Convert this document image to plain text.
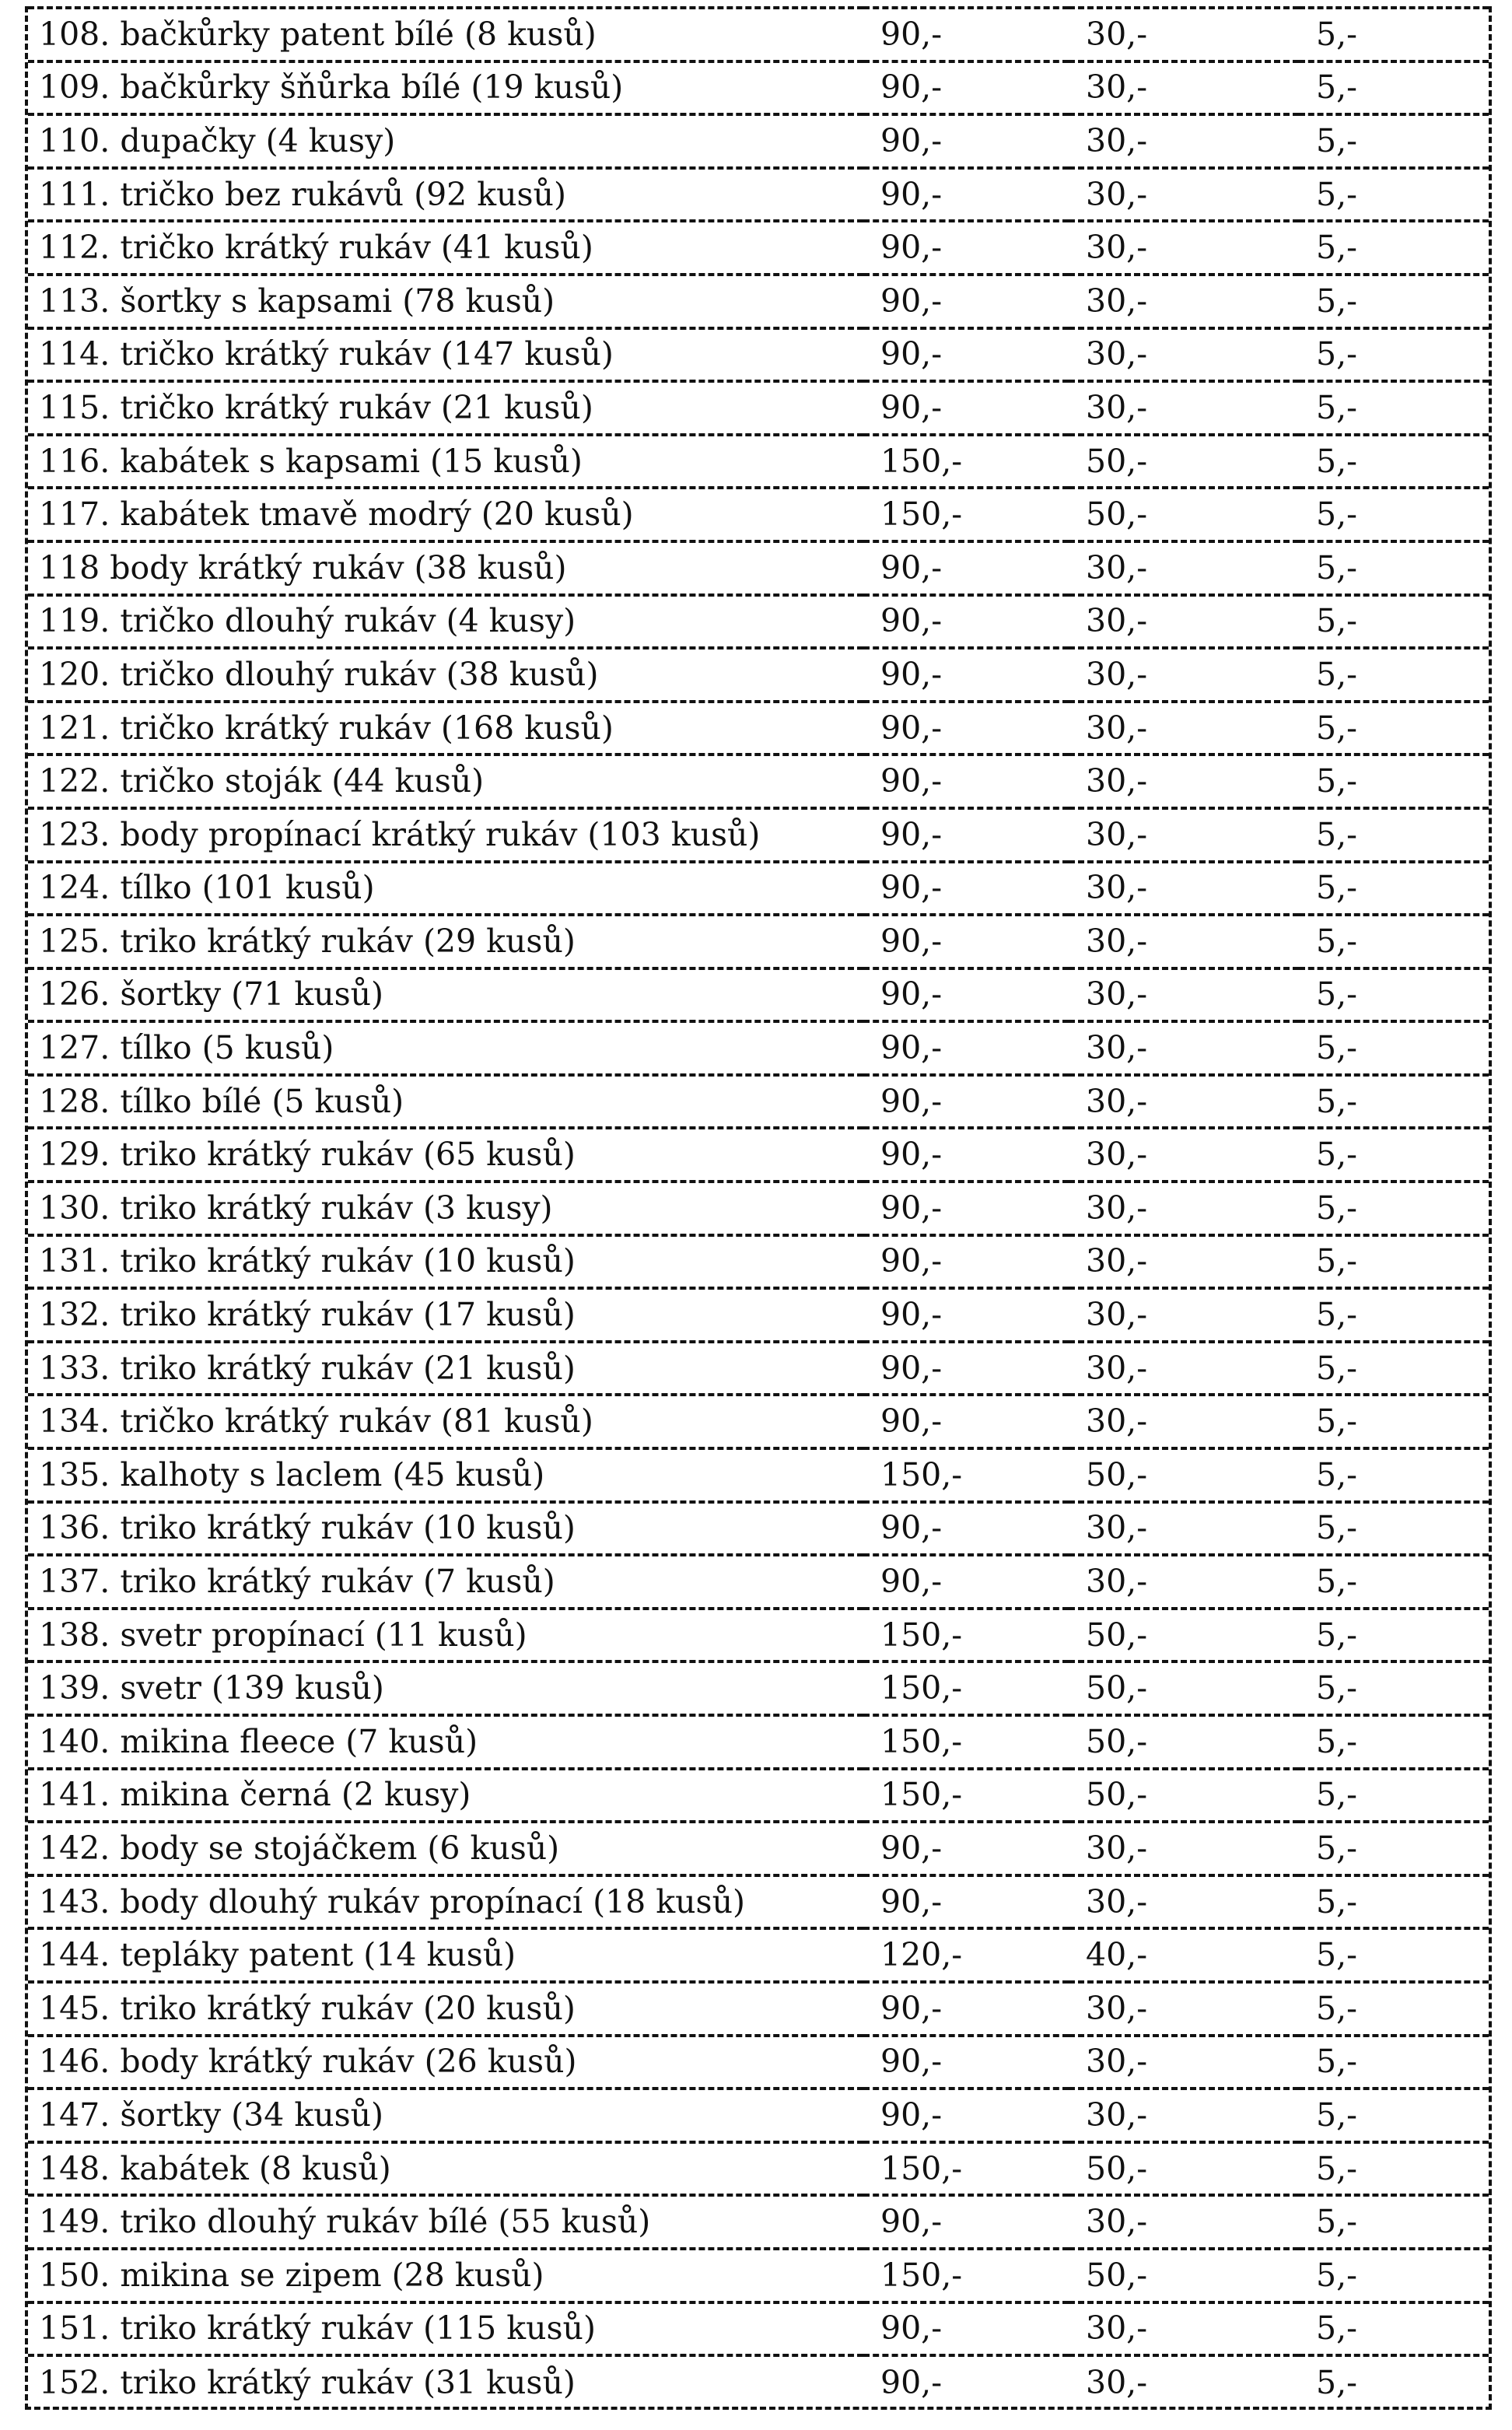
108. bačkůrky patent bílé (8 kusů)	90,-	30,-	5,-
109. bačkůrky šňůrka bílé (19 kusů)	90,-	30,-	5,-
110. dupačky (4 kusy)	90,-	30,-	5,-
111. tričko bez rukávů (92 kusů)	90,-	30,-	5,-
112. tričko krátký rukáv (41 kusů)	90,-	30,-	5,-
113. šortky s kapsami (78 kusů)	90,-	30,-	5,-
114. tričko krátký rukáv (147 kusů)	90,-	30,-	5,-
115. tričko krátký rukáv (21 kusů)	90,-	30,-	5,-
116. kabátek s kapsami (15 kusů)	150,-	50,-	5,-
117. kabátek tmavě modrý (20 kusů)	150,-	50,-	5,-
118 body krátký rukáv (38 kusů)	90,-	30,-	5,-
119. tričko dlouhý rukáv (4 kusy)	90,-	30,-	5,-
120. tričko dlouhý rukáv (38 kusů)	90,-	30,-	5,-
121. tričko krátký rukáv (168 kusů)	90,-	30,-	5,-
122. tričko stoják (44 kusů)	90,-	30,-	5,-
123. body propínací krátký rukáv (103 kusů)	90,-	30,-	5,-
124. tílko (101 kusů)	90,-	30,-	5,-
125. triko krátký rukáv (29 kusů)	90,-	30,-	5,-
126. šortky (71 kusů)	90,-	30,-	5,-
127. tílko (5 kusů)	90,-	30,-	5,-
128. tílko bílé (5 kusů)	90,-	30,-	5,-
129. triko krátký rukáv (65 kusů)	90,-	30,-	5,-
130. triko krátký rukáv (3 kusy)	90,-	30,-	5,-
131. triko krátký rukáv (10 kusů)	90,-	30,-	5,-
132. triko krátký rukáv (17 kusů)	90,-	30,-	5,-
133. triko krátký rukáv (21 kusů)	90,-	30,-	5,-
134. tričko krátký rukáv (81 kusů)	90,-	30,-	5,-
135. kalhoty s laclem (45 kusů)	150,-	50,-	5,-
136. triko krátký rukáv (10 kusů)	90,-	30,-	5,-
137. triko krátký rukáv (7 kusů)	90,-	30,-	5,-
138. svetr propínací (11 kusů)	150,-	50,-	5,-
139. svetr (139 kusů)	150,-	50,-	5,-
140. mikina fleece (7 kusů)	150,-	50,-	5,-
141. mikina černá (2 kusy)	150,-	50,-	5,-
142. body se stojáčkem (6 kusů)	90,-	30,-	5,-
143. body dlouhý rukáv propínací (18 kusů)	90,-	30,-	5,-
144. tepláky patent (14 kusů)	120,-	40,-	5,-
145. triko krátký rukáv (20 kusů)	90,-	30,-	5,-
146. body krátký rukáv (26 kusů)	90,-	30,-	5,-
147. šortky (34 kusů)	90,-	30,-	5,-
148. kabátek (8 kusů)	150,-	50,-	5,-
149. triko dlouhý rukáv bílé (55 kusů)	90,-	30,-	5,-
150. mikina se zipem (28 kusů)	150,-	50,-	5,-
151. triko krátký rukáv (115 kusů)	90,-	30,-	5,-
152. triko krátký rukáv (31 kusů)	90,-	30,-	5,-
